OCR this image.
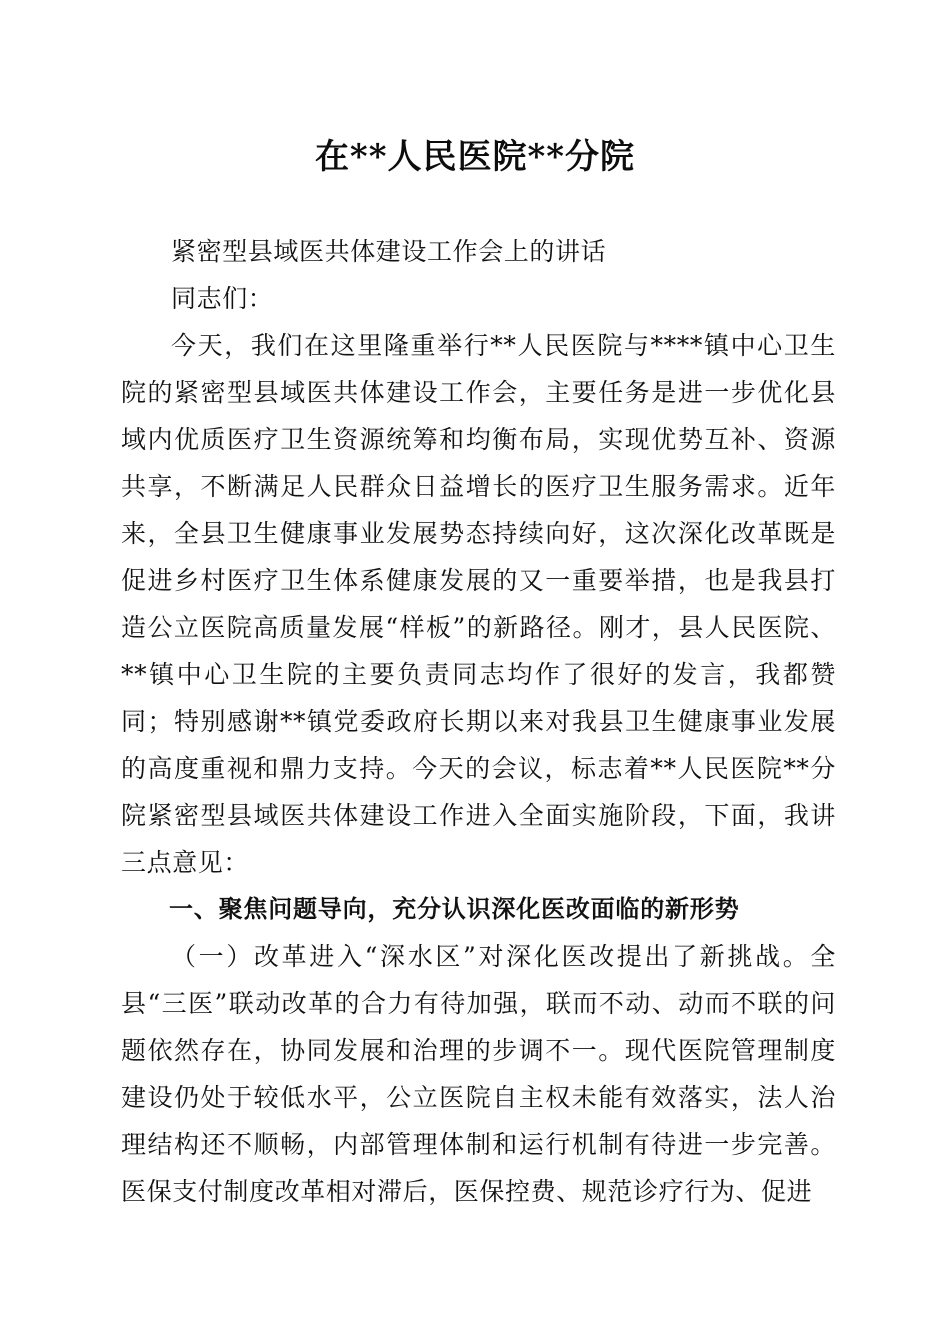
在**人民医院**分院

紧密型县域医共体建设工作会上的讲话

同志们：

今天，我们在这里隆重举行**人民医院与****镇中心卫生院的紧密型县域医共体建设工作会，主要任务是进一步优化县域内优质医疗卫生资源统筹和均衡布局，实现优势互补、资源共享，不断满足人民群众日益增长的医疗卫生服务需求。近年来，全县卫生健康事业发展势态持续向好，这次深化改革既是促进乡村医疗卫生体系健康发展的又一重要举措，也是我县打造公立医院高质量发展“样板”的新路径。刚才，县人民医院、**镇中心卫生院的主要负责同志均作了很好的发言，我都赞同；特别感谢**镇党委政府长期以来对我县卫生健康事业发展的高度重视和鼎力支持。今天的会议，标志着**人民医院**分院紧密型县域医共体建设工作进入全面实施阶段，下面，我讲三点意见：

一、聚焦问题导向，充分认识深化医改面临的新形势

（一）改革进入“深水区”对深化医改提出了新挑战。全县“三医”联动改革的合力有待加强，联而不动、动而不联的问题依然存在，协同发展和治理的步调不一。现代医院管理制度建设仍处于较低水平，公立医院自主权未能有效落实，法人治理结构还不顺畅，内部管理体制和运行机制有待进一步完善。医保支付制度改革相对滞后，医保控费、规范诊疗行为、促进
